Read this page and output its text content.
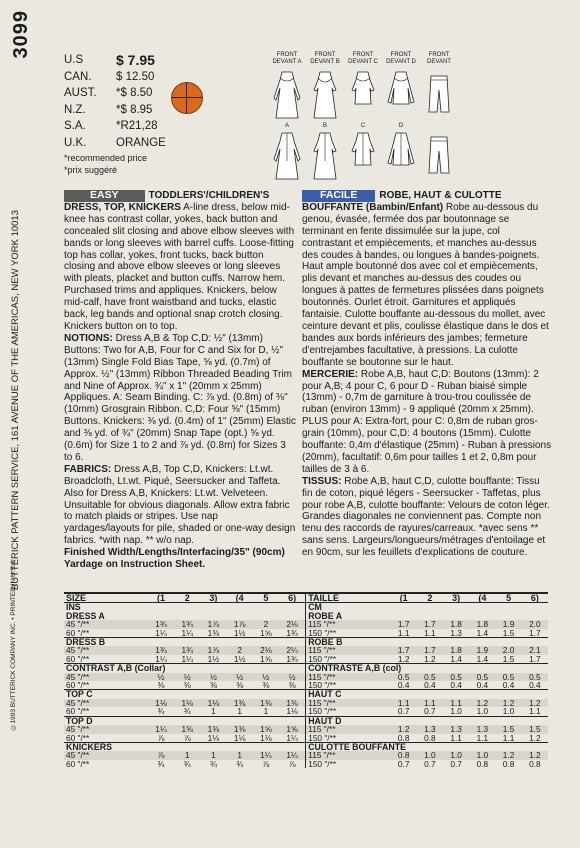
3099
BUTTERICK PATTERN SERVICE, 161 AVENUE OF THE AMERICAS, NEW YORK 10013
©1993 BUTTERICK COMPANY INC. • PRINTED IN U.S.A
U.S	$ 7.95
CAN.	$ 12.50
AUST.	*$ 8.50
N.Z.	*$ 8.95
S.A.	*R21,28
U.K.	ORANGE
*recommended price
*prix suggéré
FRONT DEVANT A
FRONT DEVANT B
FRONT DEVANT C
FRONT DEVANT D
FRONT DEVANT
A	B	C	D

EASY	TODDLERS'/CHILDREN'S DRESS, TOP, KNICKERS A-line dress, below mid-knee has contrast collar, yokes, back button and concealed slit closing and above elbow sleeves with bands or long sleeves with barrel cuffs. Loose-fitting top has collar, yokes, front tucks, back button closing and above elbow sleeves or long sleeves with pleats, placket and button cuffs. Narrow hem. Purchased trims and appliques. Knickers, below mid-calf, have front waistband and tucks, elastic back, leg bands and optional snap crotch closing. Knickers button on to top.

NOTIONS: Dress A,B & Top C,D: ½" (13mm) Buttons: Two for A,B, Four for C and Six for D, ½" (13mm) Single Fold Bias Tape, ⅝ yd. (0.7m) of Approx. ½" (13mm) Ribbon Threaded Beading Trim and Nine of Approx. ¾" x 1" (20mm x 25mm) Appliques. A: Seam Binding. C: ⅞ yd. (0.8m) of ⅜" (10mm) Grosgrain Ribbon. C,D: Four ⅝" (15mm) Buttons. Knickers: ⅜ yd. (0.4m) of 1" (25mm) Elastic and ⅜ yd. of ¾" (20mm) Snap Tape (opt.) ⅝ yd. (0.6m) for Size 1 to 2 and ⅞ yd. (0.8m) for Sizes 3 to 6.

FABRICS: Dress A,B, Top C,D, Knickers: Lt.wt. Broadcloth, Lt.wt. Piqué, Seersucker and Taffeta. Also for Dress A,B, Knickers: Lt.wt. Velveteen. Unsuitable for obvious diagonals. Allow extra fabric to match plaids or stripes. Use nap yardages/layouts for pile, shaded or one-way design fabrics. *with nap. ** w/o nap.

Finished Width/Lengths/Interfacing/35" (90cm) Yardage on Instruction Sheet.

FACILE ROBE, HAUT & CULOTTE BOUFFANTE (Bambin/Enfant) Robe au-dessous du genou, évasée, fermée dos par boutonnage se terminant en fente dissimulée sur la jupe, col contrastant et empiècements, et manches au-dessus des coudes à bandes, ou longues à bandes-poignets. Haut ample boutonné dos avec col et empiècements, plis devant et manches au-dessus des coudes ou longues à pattes de fermetures plissées dans poignets boutonnés. Ourlet étroit. Garnitures et appliqués fantaisie. Culotte bouffante au-dessous du mollet, avec ceinture devant et plis, coulisse élastique dans le dos et bandes aux bords inférieurs des jambes; fermeture d'entrejambes facultative, à pressions. La culotte bouffante se boutonne sur le haut.

MERCERIE: Robe A,B, haut C,D: Boutons (13mm): 2 pour A,B; 4 pour C, 6 pour D - Ruban biaisé simple (13mm) - 0,7m de garniture à trou-trou coulissée de ruban (environ 13mm) - 9 appliqué (20mm x 25mm). PLUS pour A: Extra-fort, pour C: 0,8m de ruban gros-grain (10mm), pour C,D: 4 boutons (15mm). Culotte bouffante: 0,4m d'élastique (25mm) - Ruban à pressions (20mm), facultatif: 0,6m pour tailles 1 et 2, 0,8m pour tailles de 3 à 6.

TISSUS: Robe A,B, haut C,D, culotte bouffante: Tissu fin de coton, piqué légers - Seersucker - Taffetas, plus pour robe A,B, culotte bouffante: Velours de coton léger. Grandes diagonales ne conviennent pas. Compte non tenu des raccords de rayures/carreaux. *avec sens ** sans sens. Largeurs/longueurs/métrages d'entoilage et en 90cm, sur les feuillets d'explications de couture.

SIZE	(1	2	3)	(4	5	6)	TAILLE	(1	2	3)	(4	5	6)
INS							CM						
DRESS A							ROBE A						
45 "/**	1¾	1¾	1⅞	1⅞	2	2⅛	115 "/**	1.7	1.7	1.8	1.8	1.9	2.0
60 "/**	1¼	1¼	1⅜	1½	1⅝	1¾	150 "/**	1.1	1.1	1.3	1.4	1.5	1.7
DRESS B							ROBE B						
45 "/**	1¾	1¾	1⅞	2	2⅛	2¼	115 "/**	1.7	1.7	1.8	1.9	2.0	2.1
60 "/**	1¼	1¼	1½	1½	1⅝	1¾	150 "/**	1.2	1.2	1.4	1.4	1.5	1.7
CONTRAST A,B (Collar)							CONTRASTE A,B (col)						
45 "/**	½	½	½	½	½	½	115 "/**	0.5	0.5	0.5	0.5	0.5	0.5
60 "/**	⅜	⅜	⅜	⅜	⅜	⅜	150 "/**	0.4	0.4	0.4	0.4	0.4	0.4
TOP C							HAUT C						
45 "/**	1⅛	1⅛	1⅛	1⅜	1⅜	1⅜	115 "/**	1.1	1.1	1.1	1.2	1.2	1.2
60 "/**	¾	¾	1	1	1	1⅛	150 "/**	0.7	0.7	1.0	1.0	1.0	1.1
TOP D							HAUT D						
45 "/**	1¼	1⅜	1⅜	1⅜	1⅝	1⅝	115 "/**	1.2	1.3	1.3	1.3	1.5	1.5
60 "/**	⅞	⅞	1⅛	1⅛	1⅛	1¼	150 "/**	0.8	0.8	1.1	1.1	1.1	1.2
KNICKERS							CULOTTE BOUFFANTE						
45 "/**	⅞	1	1	1	1¼	1¼	115 "/**	0.8	1.0	1.0	1.0	1.2	1.2
60 "/**	¾	¾	¾	¾	⅞	⅞	150 "/**	0.7	0.7	0.7	0.8	0.8	0.8
